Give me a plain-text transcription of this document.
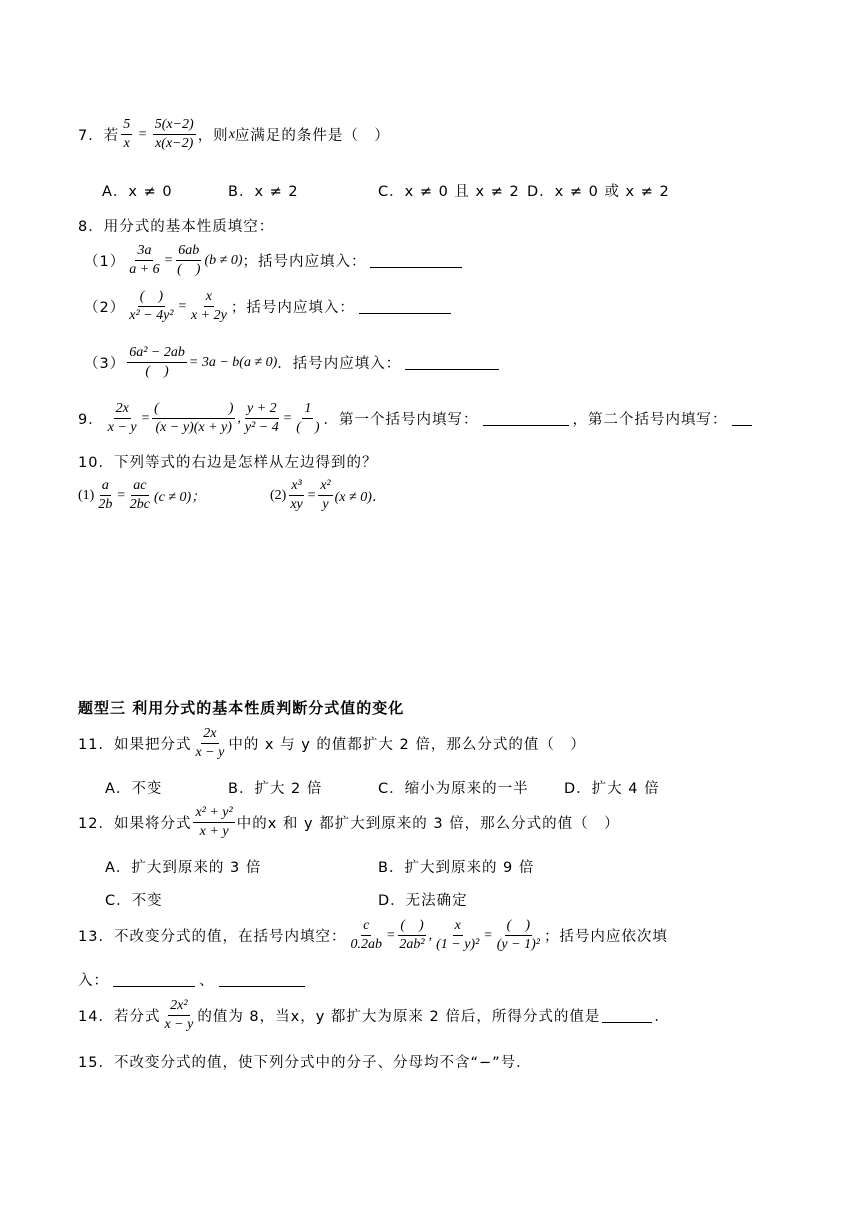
7． 若 $\frac{5}{x} = \frac{5(x-2)}{x(x-2)}$ ，则 x 应满足的条件是（　）
A．x ≠ 0	B．x ≠ 2	C．x ≠ 0 且 x ≠ 2 D．x ≠ 0 或 x ≠ 2
8．用分式的基本性质填空：
$(1) \frac{3a}{a + 6} = \frac{6ab}{( )} (b \ne 0)$ ；括号内应填入：
$(2) \frac{( )}{\text{x² − 4y²}} = \frac{x}{x + 2y}$ ；括号内应填入：
$(3) \frac{\text{6a² − 2ab}}{( )} = 3a - b(a \ne 0)$ ．括号内应填入：
9． $\frac{2x}{x - y} = \frac{( )}{(x - y)(x + y)}$ , $\frac{y + 2}{\text{y² − 4}} = \frac{1}{( )}$ ．第一个括号内填写：	，第二个括号内填写：
10．下列等式的右边是怎样从左边得到的？
$(1) \frac{a}{2b} = \frac{ac}{2bc} (c \ne 0)$；	$(2) \frac{\text{x³}}{xy} = \frac{\text{x²}}{y} (x \ne 0)$．
题型三 利用分式的基本性质判断分式值的变化
11．如果把分式 $\frac{2x}{x - y}$ 中的 x 与 y 的值都扩大 2 倍，那么分式的值（　）
A．不变	B．扩大 2 倍	C．缩小为原来的一半 D．扩大 4 倍
12．如果将分式 $\frac{\text{x² + y²}}{x + y}$ 中的x 和 y 都扩大到原来的 3 倍，那么分式的值（　）
A．扩大到原来的 3 倍	B．扩大到原来的 9 倍
C．不变	D．无法确定
13．不改变分式的值，在括号内填空： $\frac{c}{0.2ab} = \frac{( )}{\text{2ab²}}$ , $\frac{x}{\text{(1 − y)²}} = \frac{( )}{\text{(y − 1)²}}$ ；括号内应依次填
入：	、
14．若分式 $\frac{\text{2x²}}{x - y}$ 的值为 8，当x，y 都扩大为原来 2 倍后，所得分式的值是	．
15．不改变分式的值，使下列分式中的分子、分母均不含“−”号．
